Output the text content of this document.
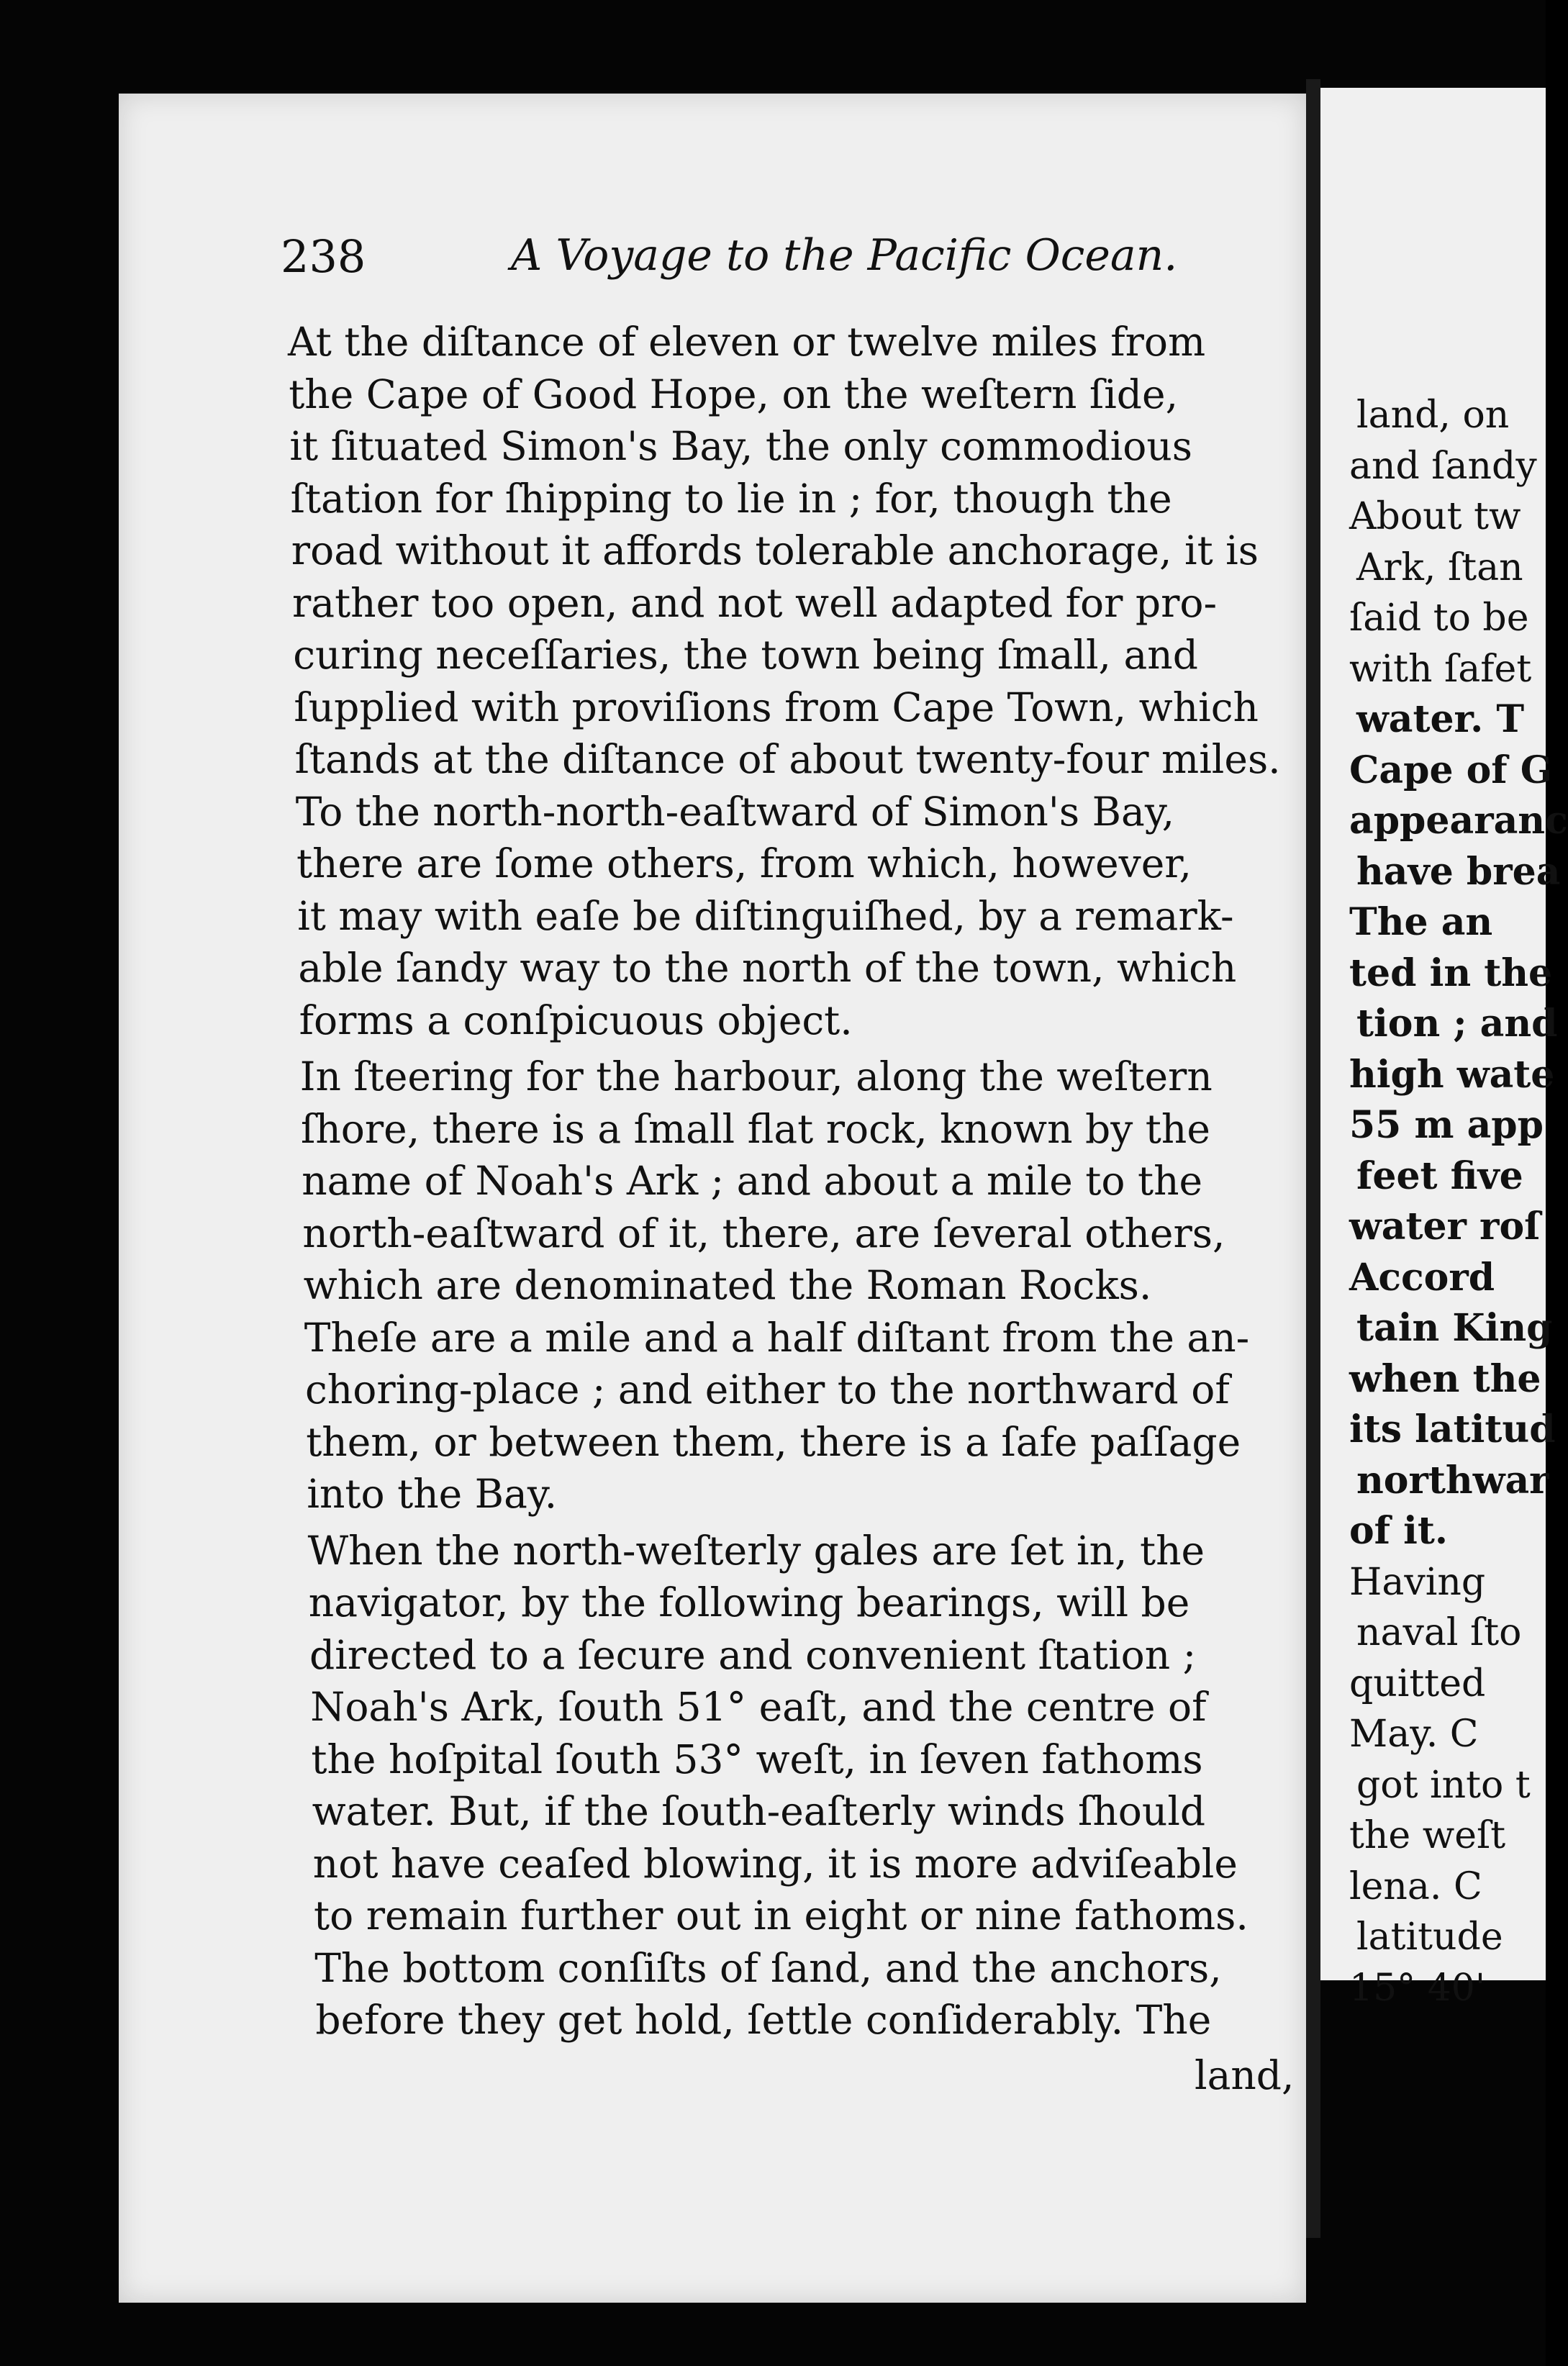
land, on
and ſandy
About tw
Ark, ſtan
ſaid to be
with ſafet
water. T
Cape of G
appearanc
have brea
The an
ted in the
tion ; and
high wate
55 m app
feet five
water roſ
Accord
tain King
when the
its latitud
northwar
of it.
Having
naval ſto
quitted
May. C
got into t
the weſt
lena. C
latitude
15° 40'
238	A Voyage to the Pacific Ocean.
At the diſtance of eleven or twelve miles from
the Cape of Good Hope, on the weſtern ſide,
it ſituated Simon's Bay, the only commodious
ſtation for ſhipping to lie in ; for, though the
road without it affords tolerable anchorage, it is
rather too open, and not well adapted for pro-
curing neceſſaries, the town being ſmall, and
ſupplied with proviſions from Cape Town, which
ſtands at the diſtance of about twenty-four miles.
To the north-north-eaſtward of Simon's Bay,
there are ſome others, from which, however,
it may with eaſe be diſtinguiſhed, by a remark-
able ſandy way to the north of the town, which
forms a conſpicuous object.
In ſteering for the harbour, along the weſtern
ſhore, there is a ſmall flat rock, known by the
name of Noah's Ark ; and about a mile to the
north-eaſtward of it, there, are ſeveral others,
which are denominated the Roman Rocks.
Theſe are a mile and a half diſtant from the an-
choring-place ; and either to the northward of
them, or between them, there is a ſafe paſſage
into the Bay.
When the north-weſterly gales are ſet in, the
navigator, by the following bearings, will be
directed to a ſecure and convenient ſtation ;
Noah's Ark, ſouth 51° eaſt, and the centre of
the hoſpital ſouth 53° weſt, in ſeven fathoms
water. But, if the ſouth-eaſterly winds ſhould
not have ceaſed blowing, it is more adviſeable
to remain further out in eight or nine fathoms.
The bottom conſiſts of ſand, and the anchors,
before they get hold, ſettle conſiderably. The
land,
